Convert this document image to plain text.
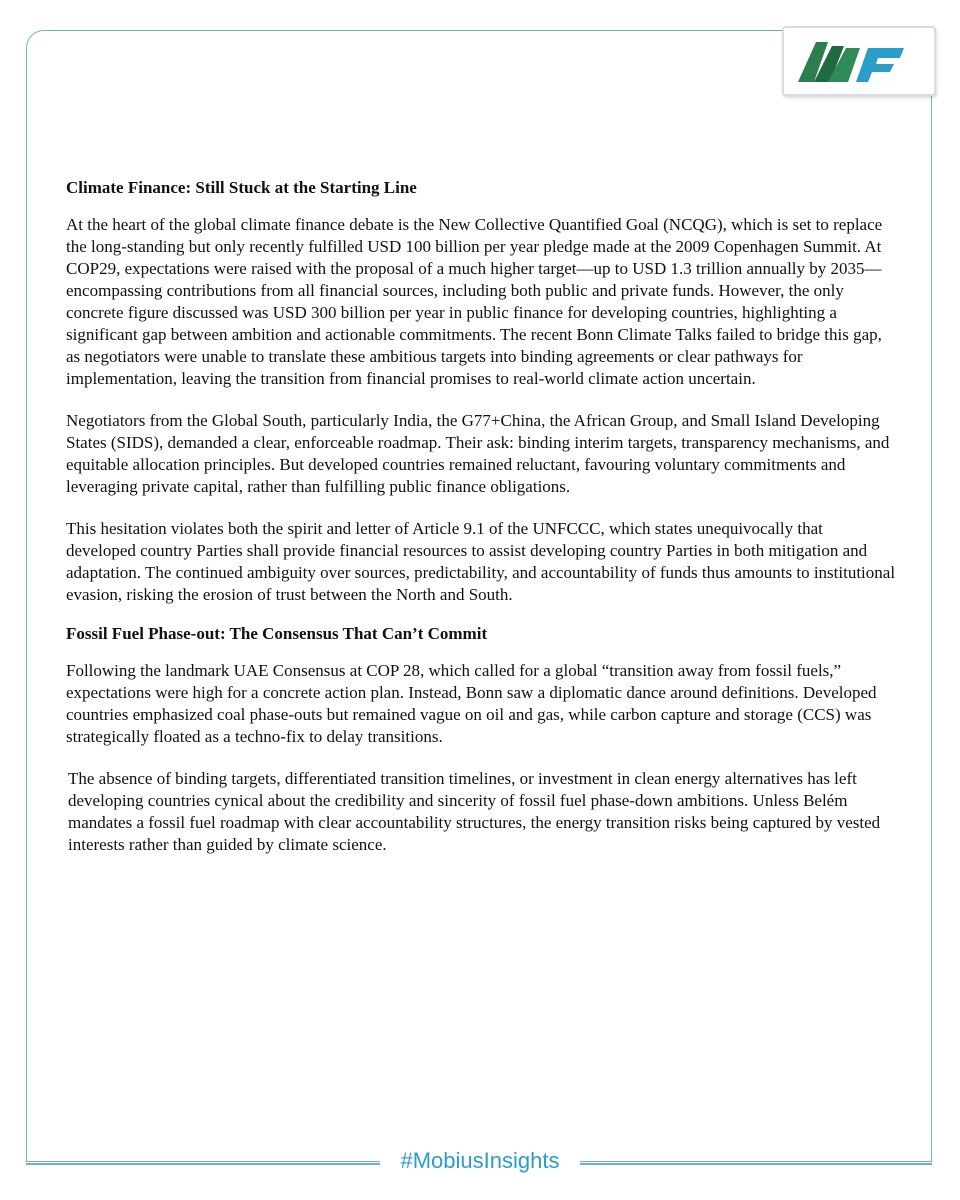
Climate Finance: Still Stuck at the Starting Line

At the heart of the global climate finance debate is the New Collective Quantified Goal (NCQG), which is set to replace the long-standing but only recently fulfilled USD 100 billion per year pledge made at the 2009 Copenhagen Summit. At COP29, expectations were raised with the proposal of a much higher target—up to USD 1.3 trillion annually by 2035—encompassing contributions from all financial sources, including both public and private funds. However, the only concrete figure discussed was USD 300 billion per year in public finance for developing countries, highlighting a significant gap between ambition and actionable commitments. The recent Bonn Climate Talks failed to bridge this gap, as negotiators were unable to translate these ambitious targets into binding agreements or clear pathways for implementation, leaving the transition from financial promises to real-world climate action uncertain.

Negotiators from the Global South, particularly India, the G77+China, the African Group, and Small Island Developing States (SIDS), demanded a clear, enforceable roadmap. Their ask: binding interim targets, transparency mechanisms, and equitable allocation principles. But developed countries remained reluctant, favouring voluntary commitments and leveraging private capital, rather than fulfilling public finance obligations.

This hesitation violates both the spirit and letter of Article 9.1 of the UNFCCC, which states unequivocally that developed country Parties shall provide financial resources to assist developing country Parties in both mitigation and adaptation. The continued ambiguity over sources, predictability, and accountability of funds thus amounts to institutional evasion, risking the erosion of trust between the North and South.

Fossil Fuel Phase-out: The Consensus That Can’t Commit

Following the landmark UAE Consensus at COP 28, which called for a global “transition away from fossil fuels,” expectations were high for a concrete action plan. Instead, Bonn saw a diplomatic dance around definitions. Developed countries emphasized coal phase-outs but remained vague on oil and gas, while carbon capture and storage (CCS) was strategically floated as a techno-fix to delay transitions.

The absence of binding targets, differentiated transition timelines, or investment in clean energy alternatives has left developing countries cynical about the credibility and sincerity of fossil fuel phase-down ambitions. Unless Belém mandates a fossil fuel roadmap with clear accountability structures, the energy transition risks being captured by vested interests rather than guided by climate science.

#MobiusInsights
